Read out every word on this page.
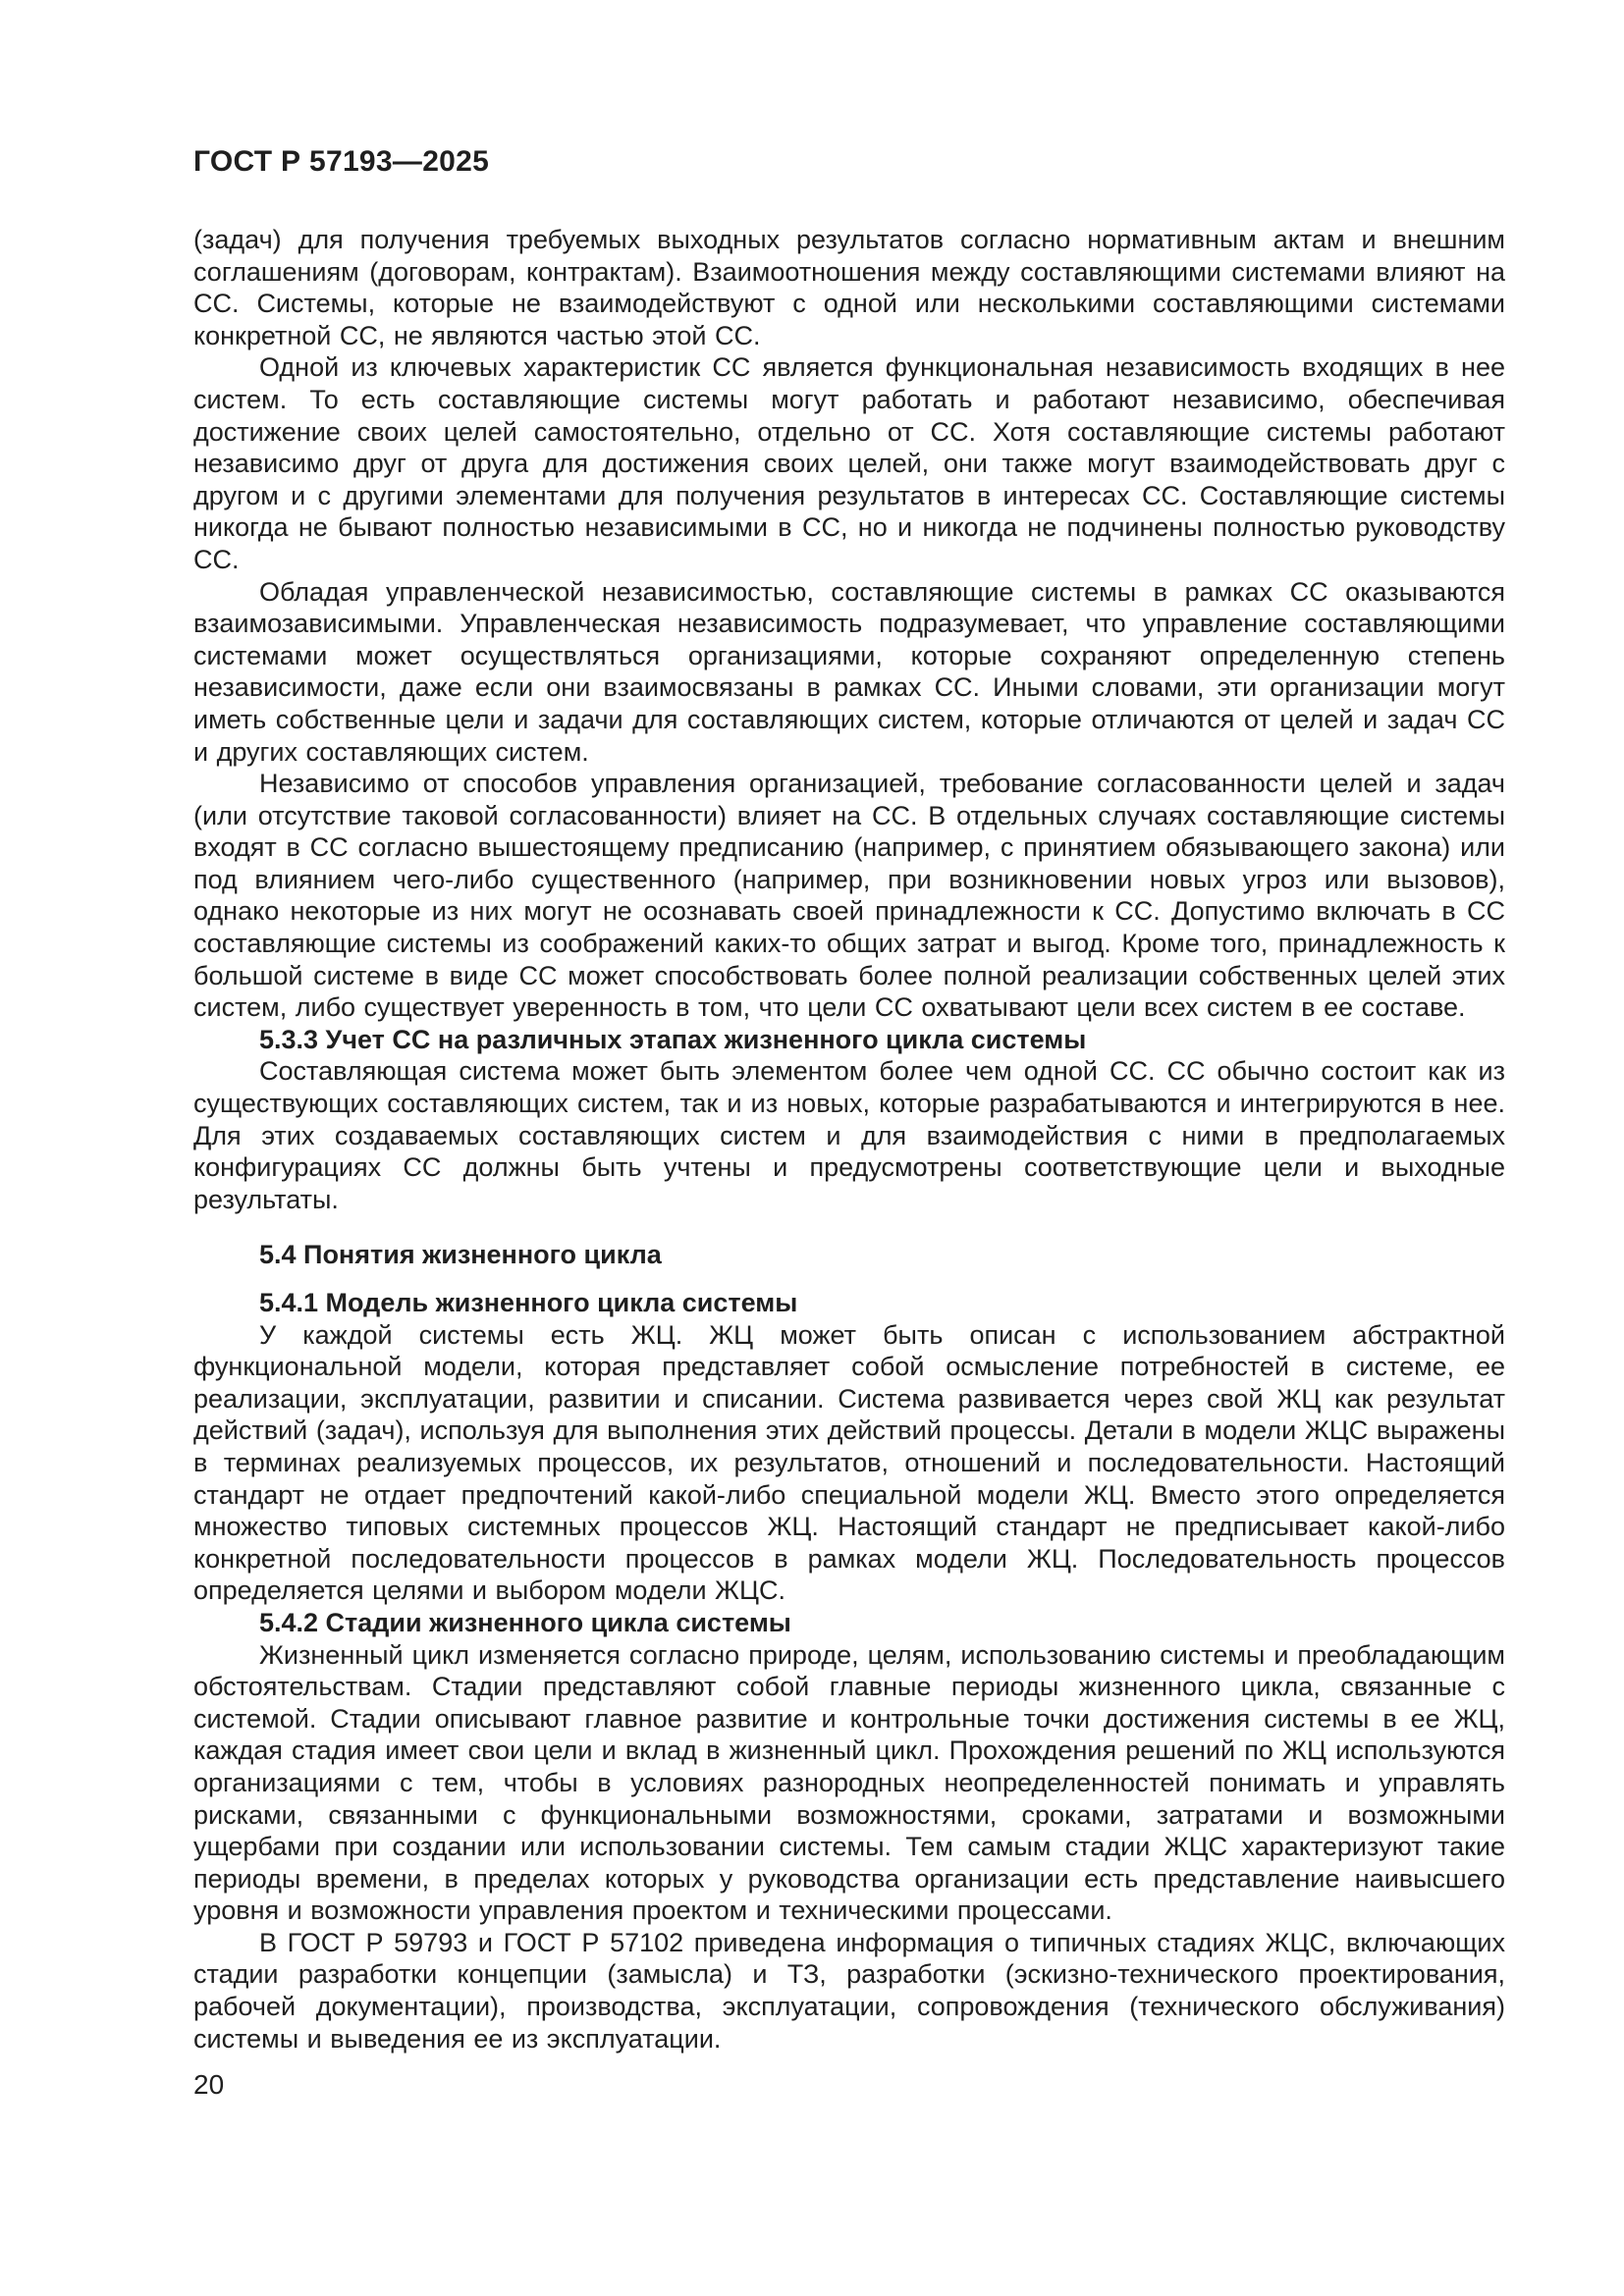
ГОСТ Р 57193—2025

(задач) для получения требуемых выходных результатов согласно нормативным актам и внешним соглашениям (договорам, контрактам). Взаимоотношения между составляющими системами влияют на СС. Системы, которые не взаимодействуют с одной или несколькими составляющими системами конкретной СС, не являются частью этой СС.

Одной из ключевых характеристик СС является функциональная независимость входящих в нее систем. То есть составляющие системы могут работать и работают независимо, обеспечивая достижение своих целей самостоятельно, отдельно от СС. Хотя составляющие системы работают независимо друг от друга для достижения своих целей, они также могут взаимодействовать друг с другом и с другими элементами для получения результатов в интересах СС. Составляющие системы никогда не бывают полностью независимыми в СС, но и никогда не подчинены полностью руководству СС.

Обладая управленческой независимостью, составляющие системы в рамках СС оказываются взаимозависимыми. Управленческая независимость подразумевает, что управление составляющими системами может осуществляться организациями, которые сохраняют определенную степень независимости, даже если они взаимосвязаны в рамках СС. Иными словами, эти организации могут иметь собственные цели и задачи для составляющих систем, которые отличаются от целей и задач СС и других составляющих систем.

Независимо от способов управления организацией, требование согласованности целей и задач (или отсутствие таковой согласованности) влияет на СС. В отдельных случаях составляющие системы входят в СС согласно вышестоящему предписанию (например, с принятием обязывающего закона) или под влиянием чего-либо существенного (например, при возникновении новых угроз или вызовов), однако некоторые из них могут не осознавать своей принадлежности к СС. Допустимо включать в СС составляющие системы из соображений каких-то общих затрат и выгод. Кроме того, принадлежность к большой системе в виде СС может способствовать более полной реализации собственных целей этих систем, либо существует уверенность в том, что цели СС охватывают цели всех систем в ее составе.

5.3.3 Учет СС на различных этапах жизненного цикла системы

Составляющая система может быть элементом более чем одной СС. СС обычно состоит как из существующих составляющих систем, так и из новых, которые разрабатываются и интегрируются в нее. Для этих создаваемых составляющих систем и для взаимодействия с ними в предполагаемых конфигурациях СС должны быть учтены и предусмотрены соответствующие цели и выходные результаты.

5.4 Понятия жизненного цикла

5.4.1 Модель жизненного цикла системы

У каждой системы есть ЖЦ. ЖЦ может быть описан с использованием абстрактной функциональной модели, которая представляет собой осмысление потребностей в системе, ее реализации, эксплуатации, развитии и списании. Система развивается через свой ЖЦ как результат действий (задач), используя для выполнения этих действий процессы. Детали в модели ЖЦС выражены в терминах реализуемых процессов, их результатов, отношений и последовательности. Настоящий стандарт не отдает предпочтений какой-либо специальной модели ЖЦ. Вместо этого определяется множество типовых системных процессов ЖЦ. Настоящий стандарт не предписывает какой-либо конкретной последовательности процессов в рамках модели ЖЦ. Последовательность процессов определяется целями и выбором модели ЖЦС.

5.4.2 Стадии жизненного цикла системы

Жизненный цикл изменяется согласно природе, целям, использованию системы и преобладающим обстоятельствам. Стадии представляют собой главные периоды жизненного цикла, связанные с системой. Стадии описывают главное развитие и контрольные точки достижения системы в ее ЖЦ, каждая стадия имеет свои цели и вклад в жизненный цикл. Прохождения решений по ЖЦ используются организациями с тем, чтобы в условиях разнородных неопределенностей понимать и управлять рисками, связанными с функциональными возможностями, сроками, затратами и возможными ущербами при создании или использовании системы. Тем самым стадии ЖЦС характеризуют такие периоды времени, в пределах которых у руководства организации есть представление наивысшего уровня и возможности управления проектом и техническими процессами.

В ГОСТ Р 59793 и ГОСТ Р 57102 приведена информация о типичных стадиях ЖЦС, включающих стадии разработки концепции (замысла) и ТЗ, разработки (эскизно-технического проектирования, рабочей документации), производства, эксплуатации, сопровождения (технического обслуживания) системы и выведения ее из эксплуатации.

20
